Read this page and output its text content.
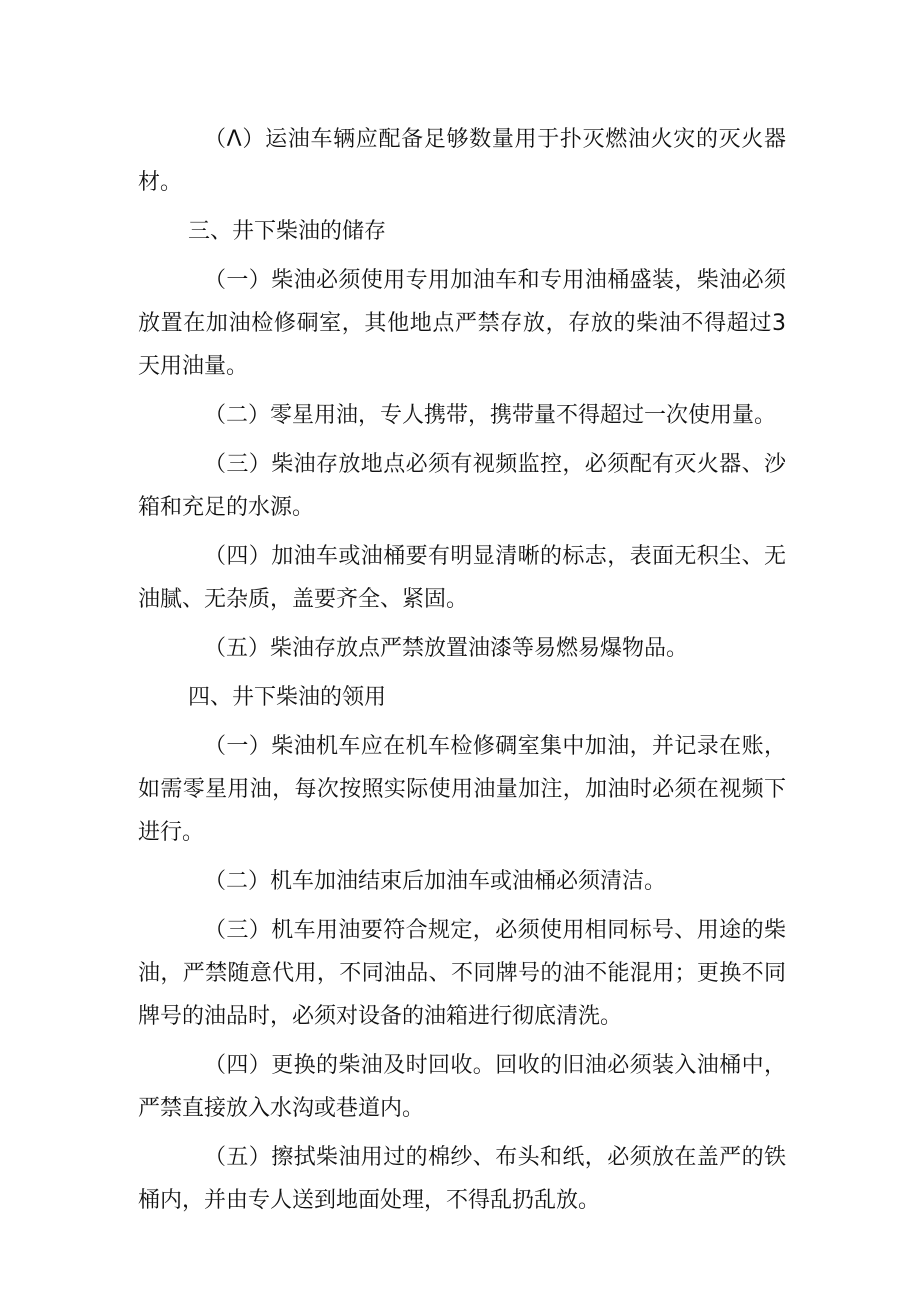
（Λ）运油车辆应配备足够数量用于扑灭燃油火灾的灭火器材。

三、井下柴油的储存

（一）柴油必须使用专用加油车和专用油桶盛装，柴油必须放置在加油检修硐室，其他地点严禁存放，存放的柴油不得超过3天用油量。

（二）零星用油，专人携带，携带量不得超过一次使用量。

（三）柴油存放地点必须有视频监控，必须配有灭火器、沙箱和充足的水源。

（四）加油车或油桶要有明显清晰的标志，表面无积尘、无油腻、无杂质，盖要齐全、紧固。

（五）柴油存放点严禁放置油漆等易燃易爆物品。

四、井下柴油的领用

（一）柴油机车应在机车检修碉室集中加油，并记录在账，如需零星用油，每次按照实际使用油量加注，加油时必须在视频下进行。

（二）机车加油结束后加油车或油桶必须清洁。

（三）机车用油要符合规定，必须使用相同标号、用途的柴油，严禁随意代用，不同油品、不同牌号的油不能混用；更换不同牌号的油品时，必须对设备的油箱进行彻底清洗。

（四）更换的柴油及时回收。回收的旧油必须装入油桶中，严禁直接放入水沟或巷道内。

（五）擦拭柴油用过的棉纱、布头和纸，必须放在盖严的铁桶内，并由专人送到地面处理，不得乱扔乱放。
